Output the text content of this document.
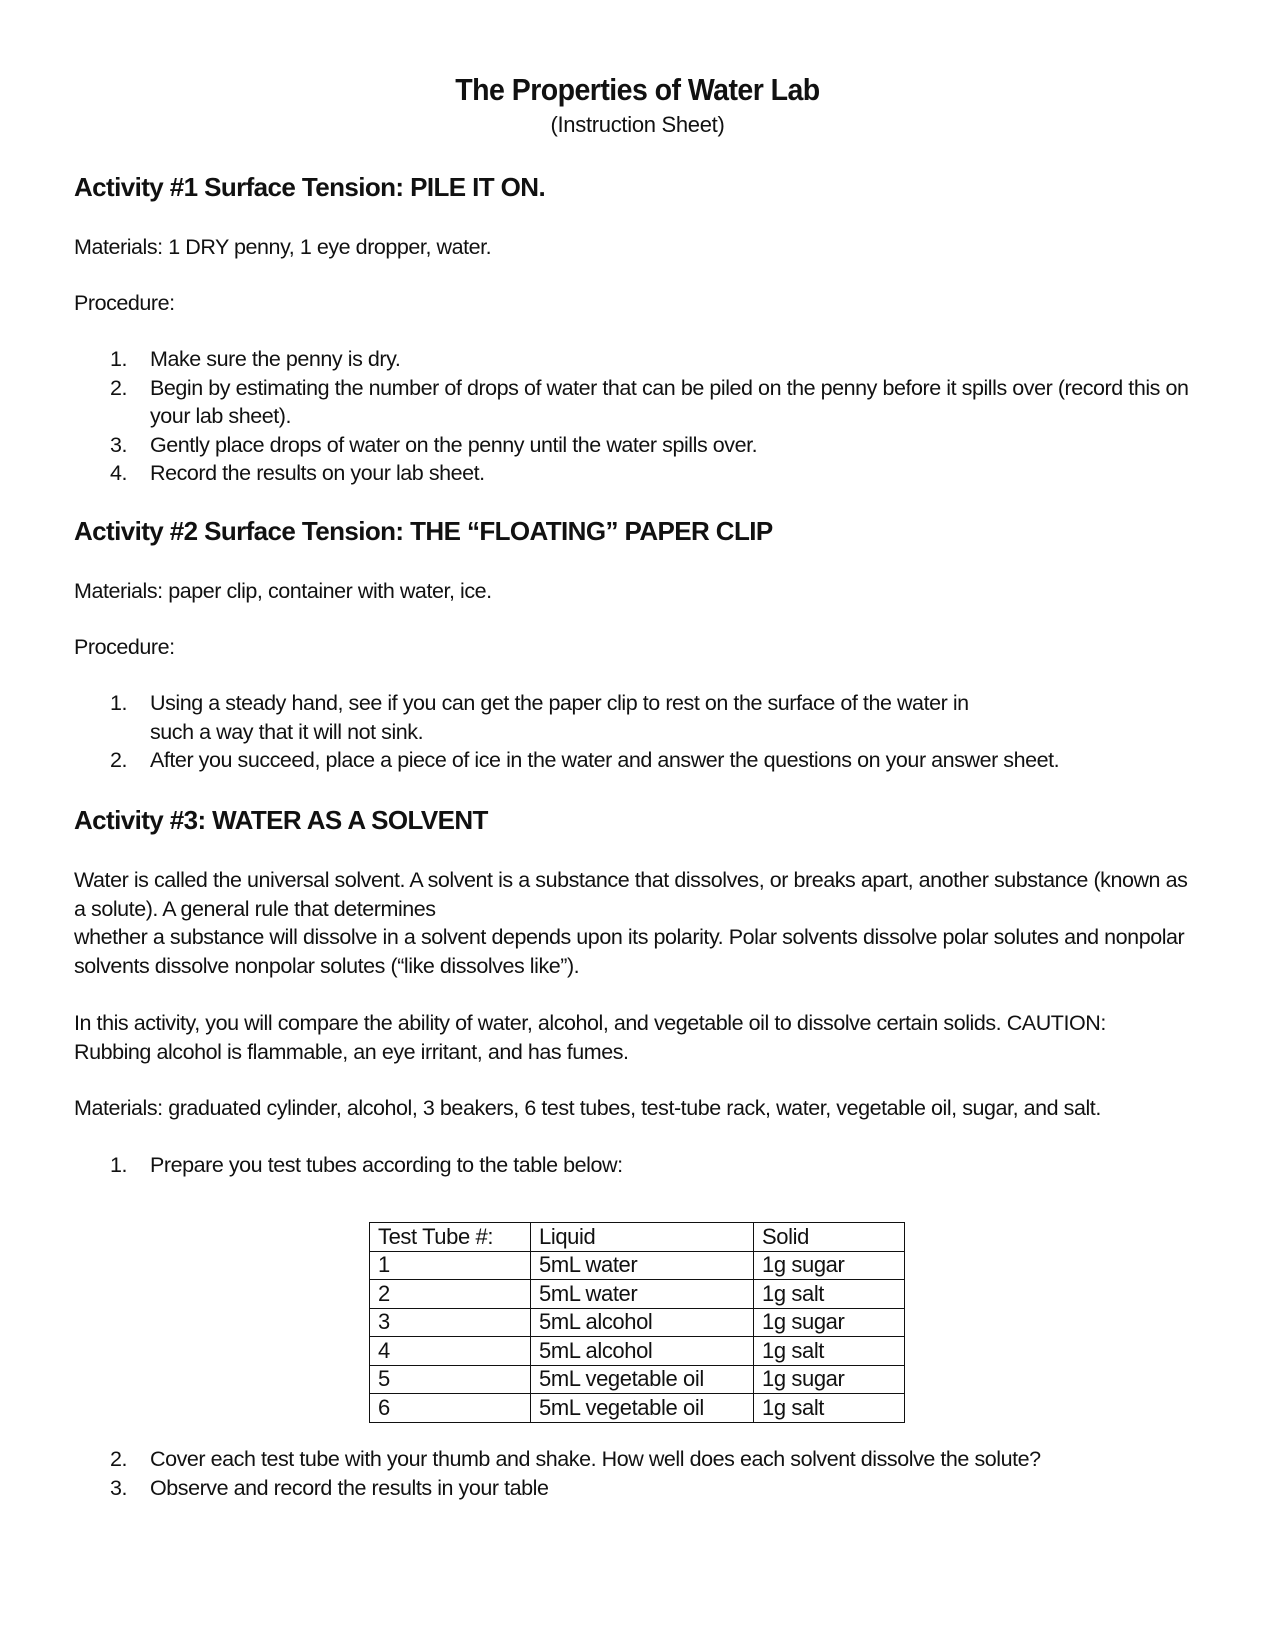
The Properties of Water Lab
(Instruction Sheet)

Activity #1 Surface Tension: PILE IT ON.

Materials: 1 DRY penny, 1 eye dropper, water.

Procedure:

1. Make sure the penny is dry.
2. Begin by estimating the number of drops of water that can be piled on the penny before it spills over (record this on your lab sheet).
3. Gently place drops of water on the penny until the water spills over.
4. Record the results on your lab sheet.

Activity #2 Surface Tension: THE “FLOATING” PAPER CLIP

Materials: paper clip, container with water, ice.

Procedure:

1. Using a steady hand, see if you can get the paper clip to rest on the surface of the water in
such a way that it will not sink.
2. After you succeed, place a piece of ice in the water and answer the questions on your answer sheet.

Activity #3: WATER AS A SOLVENT

Water is called the universal solvent. A solvent is a substance that dissolves, or breaks apart, another substance (known as

a solute). A general rule that determines

whether a substance will dissolve in a solvent depends upon its polarity. Polar solvents dissolve polar solutes and nonpolar

solvents dissolve nonpolar solutes (“like dissolves like”).

In this activity, you will compare the ability of water, alcohol, and vegetable oil to dissolve certain solids. CAUTION:

Rubbing alcohol is flammable, an eye irritant, and has fumes.

Materials: graduated cylinder, alcohol, 3 beakers, 6 test tubes, test-tube rack, water, vegetable oil, sugar, and salt.

1. Prepare you test tubes according to the table below:
Test Tube #:	Liquid	Solid
1	5mL water	1g sugar
2	5mL water	1g salt
3	5mL alcohol	1g sugar
4	5mL alcohol	1g salt
5	5mL vegetable oil	1g sugar
6	5mL vegetable oil	1g salt
2. Cover each test tube with your thumb and shake. How well does each solvent dissolve the solute?
3. Observe and record the results in your table
